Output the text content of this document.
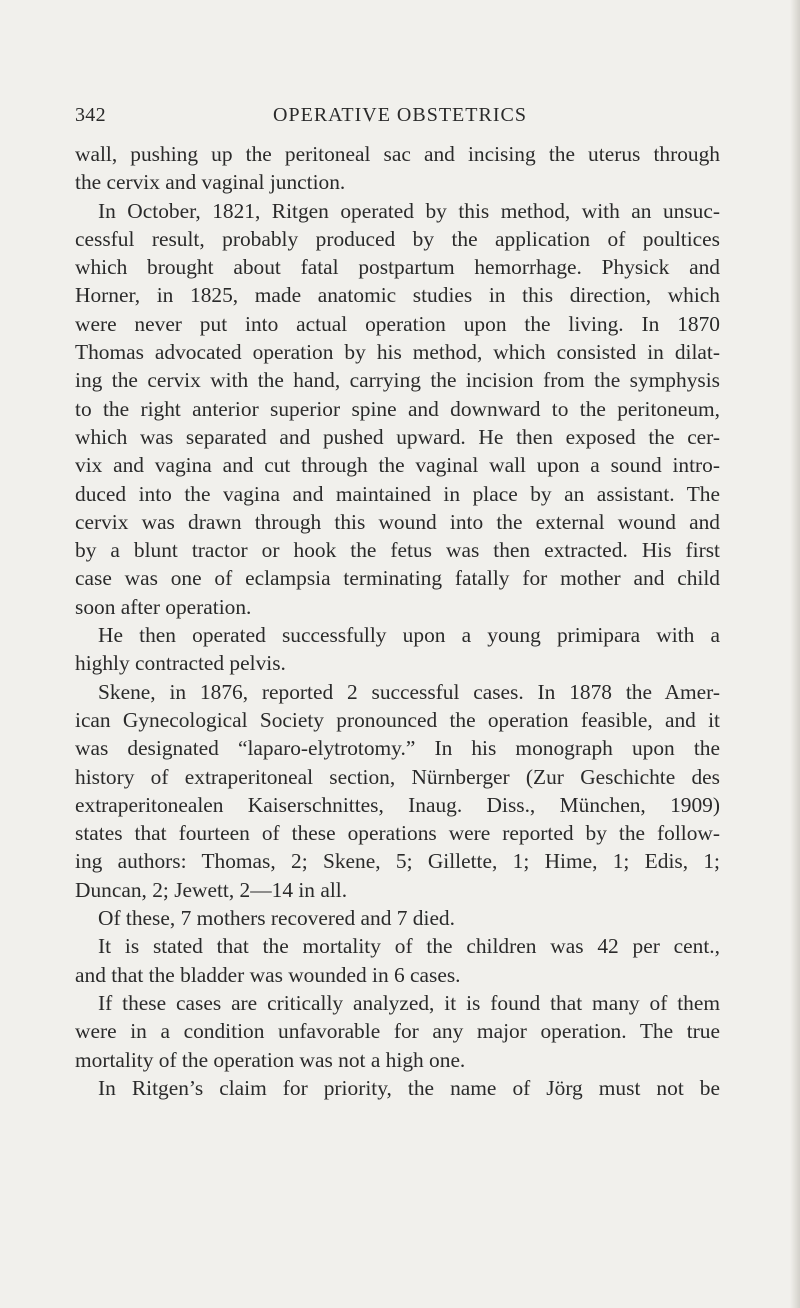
342	OPERATIVE OBSTETRICS

wall, pushing up the peritoneal sac and incising the uterus through
the cervix and vaginal junction.

In October, 1821, Ritgen operated by this method, with an unsuc-
cessful result, probably produced by the application of poultices
which brought about fatal postpartum hemorrhage. Physick and
Horner, in 1825, made anatomic studies in this direction, which
were never put into actual operation upon the living. In 1870
Thomas advocated operation by his method, which consisted in dilat-
ing the cervix with the hand, carrying the incision from the symphysis
to the right anterior superior spine and downward to the peritoneum,
which was separated and pushed upward. He then exposed the cer-
vix and vagina and cut through the vaginal wall upon a sound intro-
duced into the vagina and maintained in place by an assistant. The
cervix was drawn through this wound into the external wound and
by a blunt tractor or hook the fetus was then extracted. His first
case was one of eclampsia terminating fatally for mother and child
soon after operation.

He then operated successfully upon a young primipara with a
highly contracted pelvis.

Skene, in 1876, reported 2 successful cases. In 1878 the Amer-
ican Gynecological Society pronounced the operation feasible, and it
was designated “laparo-elytrotomy.” In his monograph upon the
history of extraperitoneal section, Nürnberger (Zur Geschichte des
extraperitonealen Kaiserschnittes, Inaug. Diss., München, 1909)
states that fourteen of these operations were reported by the follow-
ing authors: Thomas, 2; Skene, 5; Gillette, 1; Hime, 1; Edis, 1;
Duncan, 2; Jewett, 2—14 in all.

Of these, 7 mothers recovered and 7 died.

It is stated that the mortality of the children was 42 per cent.,
and that the bladder was wounded in 6 cases.

If these cases are critically analyzed, it is found that many of them
were in a condition unfavorable for any major operation. The true
mortality of the operation was not a high one.

In Ritgen’s claim for priority, the name of Jörg must not be
